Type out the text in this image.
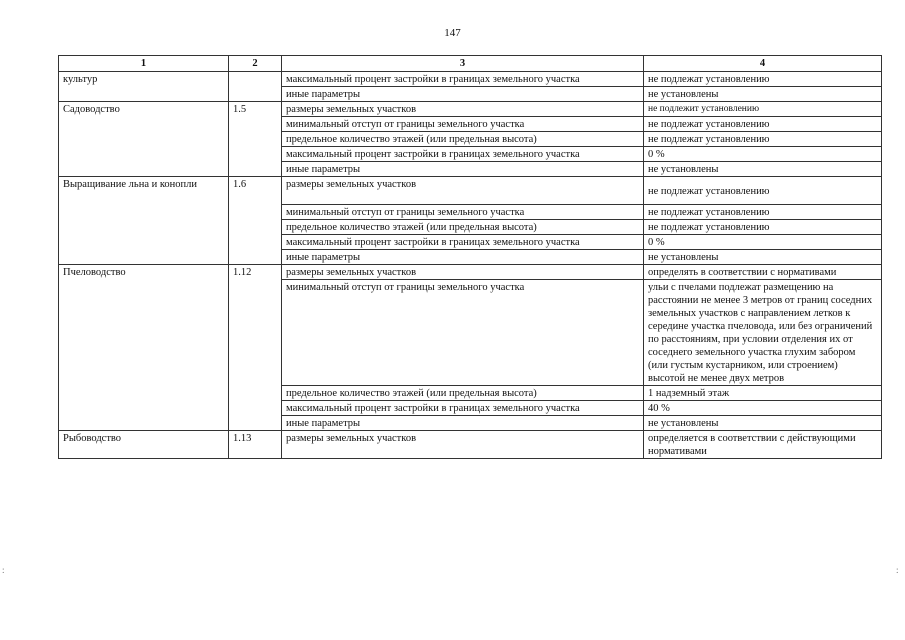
147
:	:
1	2	3	4
культур		максимальный процент застройки в границах земельного участка	не подлежат установлению
		иные параметры	не установлены
Садоводство	1.5	размеры земельных участков	не подлежит установлению
		минимальный отступ от границы земельного участка	не подлежат установлению
		предельное количество этажей (или предельная высота)	не подлежат установлению
		максимальный процент застройки в границах земельного участка	0 %
		иные параметры	не установлены
Выращивание льна и конопли	1.6	размеры земельных участков	не подлежат установлению
		минимальный отступ от границы земельного участка	не подлежат установлению
		предельное количество этажей (или предельная высота)	не подлежат установлению
		максимальный процент застройки в границах земельного участка	0 %
		иные параметры	не установлены
Пчеловодство	1.12	размеры земельных участков	определять в соответствии с нормативами
		минимальный отступ от границы земельного участка	ульи с пчелами подлежат размещению на расстоянии не менее 3 метров от границ соседних земельных участков с направлением летков к середине участка пчеловода, или без ограничений по расстояниям, при условии отделения их от соседнего земельного участка глухим забором (или густым кустарником, или строением) высотой не менее двух метров
		предельное количество этажей (или предельная высота)	1 надземный этаж
		максимальный процент застройки в границах земельного участка	40 %
		иные параметры	не установлены
Рыбоводство	1.13	размеры земельных участков	определяется в соответствии с действующими нормативами
